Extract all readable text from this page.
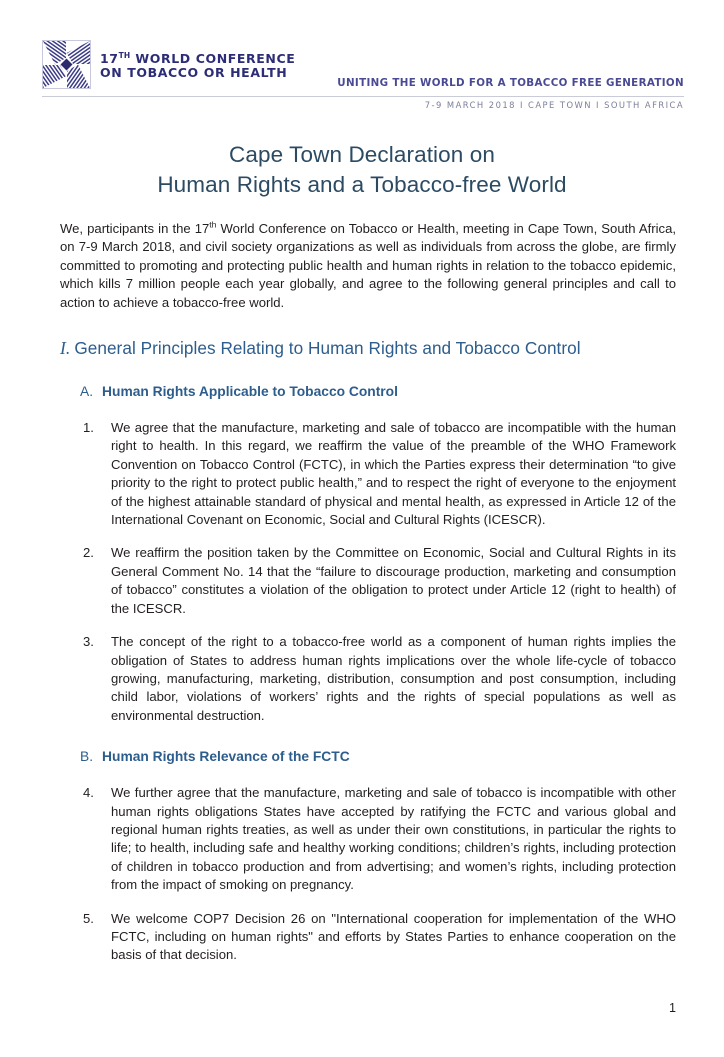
17TH WORLD CONFERENCE
ON TOBACCO OR HEALTH
UNITING THE WORLD FOR A TOBACCO FREE GENERATION
7-9 MARCH 2018 I CAPE TOWN I SOUTH AFRICA
Cape Town Declaration on
Human Rights and a Tobacco-free World

We, participants in the 17th World Conference on Tobacco or Health, meeting in Cape Town, South Africa, on 7-9 March 2018, and civil society organizations as well as individuals from across the globe, are firmly committed to promoting and protecting public health and human rights in relation to the tobacco epidemic, which kills 7 million people each year globally, and agree to the following general principles and call to action to achieve a tobacco-free world.

I. General Principles Relating to Human Rights and Tobacco Control
A. Human Rights Applicable to Tobacco Control
1.	We agree that the manufacture, marketing and sale of tobacco are incompatible with the human right to health. In this regard, we reaffirm the value of the preamble of the WHO Framework Convention on Tobacco Control (FCTC), in which the Parties express their determination “to give priority to the right to protect public health,” and to respect the right of everyone to the enjoyment of the highest attainable standard of physical and mental health, as expressed in Article 12 of the International Covenant on Economic, Social and Cultural Rights (ICESCR).
2.	We reaffirm the position taken by the Committee on Economic, Social and Cultural Rights in its General Comment No. 14 that the “failure to discourage production, marketing and consumption of tobacco” constitutes a violation of the obligation to protect under Article 12 (right to health) of the ICESCR.
3.	The concept of the right to a tobacco-free world as a component of human rights implies the obligation of States to address human rights implications over the whole life-cycle of tobacco growing, manufacturing, marketing, distribution, consumption and post consumption, including child labor, violations of workers’ rights and the rights of special populations as well as environmental destruction.
B. Human Rights Relevance of the FCTC
4.	We further agree that the manufacture, marketing and sale of tobacco is incompatible with other human rights obligations States have accepted by ratifying the FCTC and various global and regional human rights treaties, as well as under their own constitutions, in particular the rights to life; to health, including safe and healthy working conditions; children’s rights, including protection of children in tobacco production and from advertising; and women’s rights, including protection from the impact of smoking on pregnancy.
5.	We welcome COP7 Decision 26 on "International cooperation for implementation of the WHO FCTC, including on human rights" and efforts by States Parties to enhance cooperation on the basis of that decision.
1
